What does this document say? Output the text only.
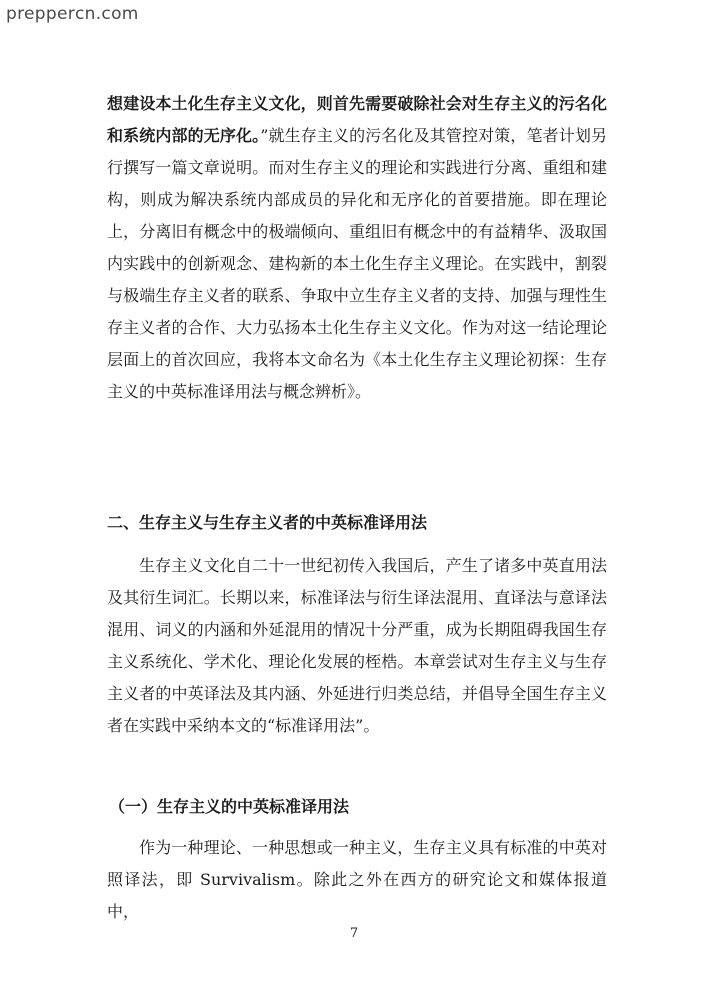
prepperсn.com

想建设本土化生存主义文化，则首先需要破除社会对生存主义的污名化和系统内部的无序化。”就生存主义的污名化及其管控对策，笔者计划另行撰写一篇文章说明。而对生存主义的理论和实践进行分离、重组和建构，则成为解决系统内部成员的异化和无序化的首要措施。即在理论上，分离旧有概念中的极端倾向、重组旧有概念中的有益精华、汲取国内实践中的创新观念、建构新的本土化生存主义理论。在实践中，割裂与极端生存主义者的联系、争取中立生存主义者的支持、加强与理性生存主义者的合作、大力弘扬本土化生存主义文化。作为对这一结论理论层面上的首次回应，我将本文命名为《本土化生存主义理论初探：生存主义的中英标准译用法与概念辨析》。

二、生存主义与生存主义者的中英标准译用法

生存主义文化自二十一世纪初传入我国后，产生了诸多中英直用法及其衍生词汇。长期以来，标准译法与衍生译法混用、直译法与意译法混用、词义的内涵和外延混用的情况十分严重，成为长期阻碍我国生存主义系统化、学术化、理论化发展的桎梏。本章尝试对生存主义与生存主义者的中英译法及其内涵、外延进行归类总结，并倡导全国生存主义者在实践中采纳本文的“标准译用法”。

（一）生存主义的中英标准译用法

作为一种理论、一种思想或一种主义，生存主义具有标准的中英对照译法，即 Survivalism。除此之外在西方的研究论文和媒体报道中，

7
